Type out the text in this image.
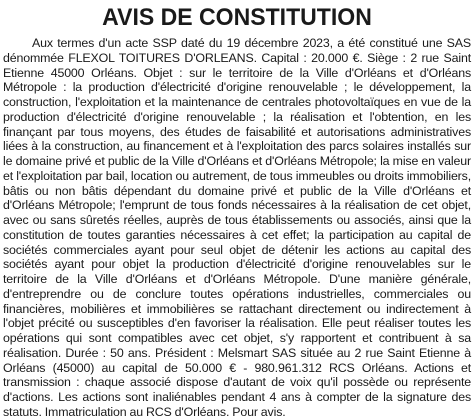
AVIS DE CONSTITUTION

Aux termes d'un acte SSP daté du 19 décembre 2023, a été constitué une SAS dénommée FLEXOL TOITURES D'ORLEANS. Capital : 20.000 €. Siège : 2 rue Saint Etienne 45000 Orléans. Objet : sur le territoire de la Ville d'Orléans et d'Orléans Métropole : la production d'électricité d'origine renouvelable ; le développement, la construction, l'exploitation et la maintenance de centrales photovoltaïques en vue de la production d'électricité d'origine renouvelable ; la réalisation et l'obtention, en les finançant par tous moyens, des études de faisabilité et autorisations administratives liées à la construction, au financement et à l'exploitation des parcs solaires installés sur le domaine privé et public de la Ville d'Orléans et d'Orléans Métropole; la mise en valeur et l'exploitation par bail, location ou autrement, de tous immeubles ou droits immobiliers, bâtis ou non bâtis dépendant du domaine privé et public de la Ville d'Orléans et d'Orléans Métropole; l'emprunt de tous fonds nécessaires à la réalisation de cet objet, avec ou sans sûretés réelles, auprès de tous établissements ou associés, ainsi que la constitution de toutes garanties nécessaires à cet effet; la participation au capital de sociétés commerciales ayant pour seul objet de détenir les actions au capital des sociétés ayant pour objet la production d'électricité d'origine renouvelables sur le territoire de la Ville d'Orléans et d'Orléans Métropole. D'une manière générale, d'entreprendre ou de conclure toutes opérations industrielles, commerciales ou financières, mobilières et immobilières se rattachant directement ou indirectement à l'objet précité ou susceptibles d'en favoriser la réalisation. Elle peut réaliser toutes les opérations qui sont compatibles avec cet objet, s'y rapportent et contribuent à sa réalisation. Durée : 50 ans. Président : Melsmart SAS située au 2 rue Saint Etienne à Orléans (45000) au capital de 50.000 € - 980.961.312 RCS Orléans. Actions et transmission : chaque associé dispose d'autant de voix qu'il possède ou représente d'actions. Les actions sont inaliénables pendant 4 ans à compter de la signature des statuts. Immatriculation au RCS d'Orléans. Pour avis.
